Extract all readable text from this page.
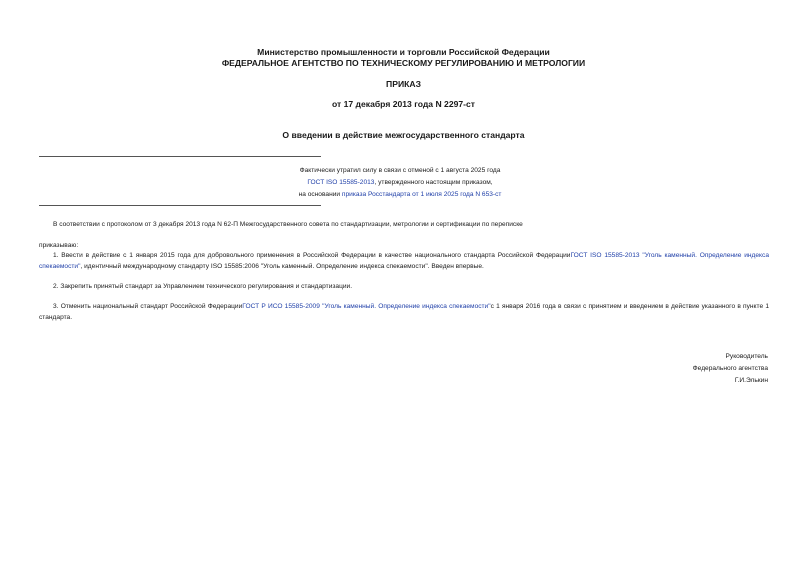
Министерство промышленности и торговли Российской Федерации
ФЕДЕРАЛЬНОЕ АГЕНТСТВО ПО ТЕХНИЧЕСКОМУ РЕГУЛИРОВАНИЮ И МЕТРОЛОГИИ
ПРИКАЗ
от 17 декабря 2013 года N 2297-ст
О введении в действие межгосударственного стандарта
Фактически утратил силу в связи с отменой с 1 августа 2025 года
ГОСТ ISO 15585-2013, утвержденного настоящим приказом,
на основании приказа Росстандарта от 1 июля 2025 года N 653-ст
В соответствии с протоколом от 3 декабря 2013 года N 62-П Межгосударственного совета по стандартизации, метрологии и сертификации по переписке
приказываю:
1. Ввести в действие с 1 января 2015 года для добровольного применения в Российской Федерации в качестве национального стандарта Российской ФедерацииГОСТ ISO 15585-2013 "Уголь каменный. Определение индекса спекаемости", идентичный международному стандарту ISO 15585:2006 "Уголь каменный. Определение индекса спекаемости". Введен впервые.
2. Закрепить принятый стандарт за Управлением технического регулирования и стандартизации.
3. Отменить национальный стандарт Российской ФедерацииГОСТ Р ИСО 15585-2009 "Уголь каменный. Определение индекса спекаемости"с 1 января 2016 года в связи с принятием и введением в действие указанного в пункте 1 стандарта.
Руководитель
Федерального агентства
Г.И.Элькин
